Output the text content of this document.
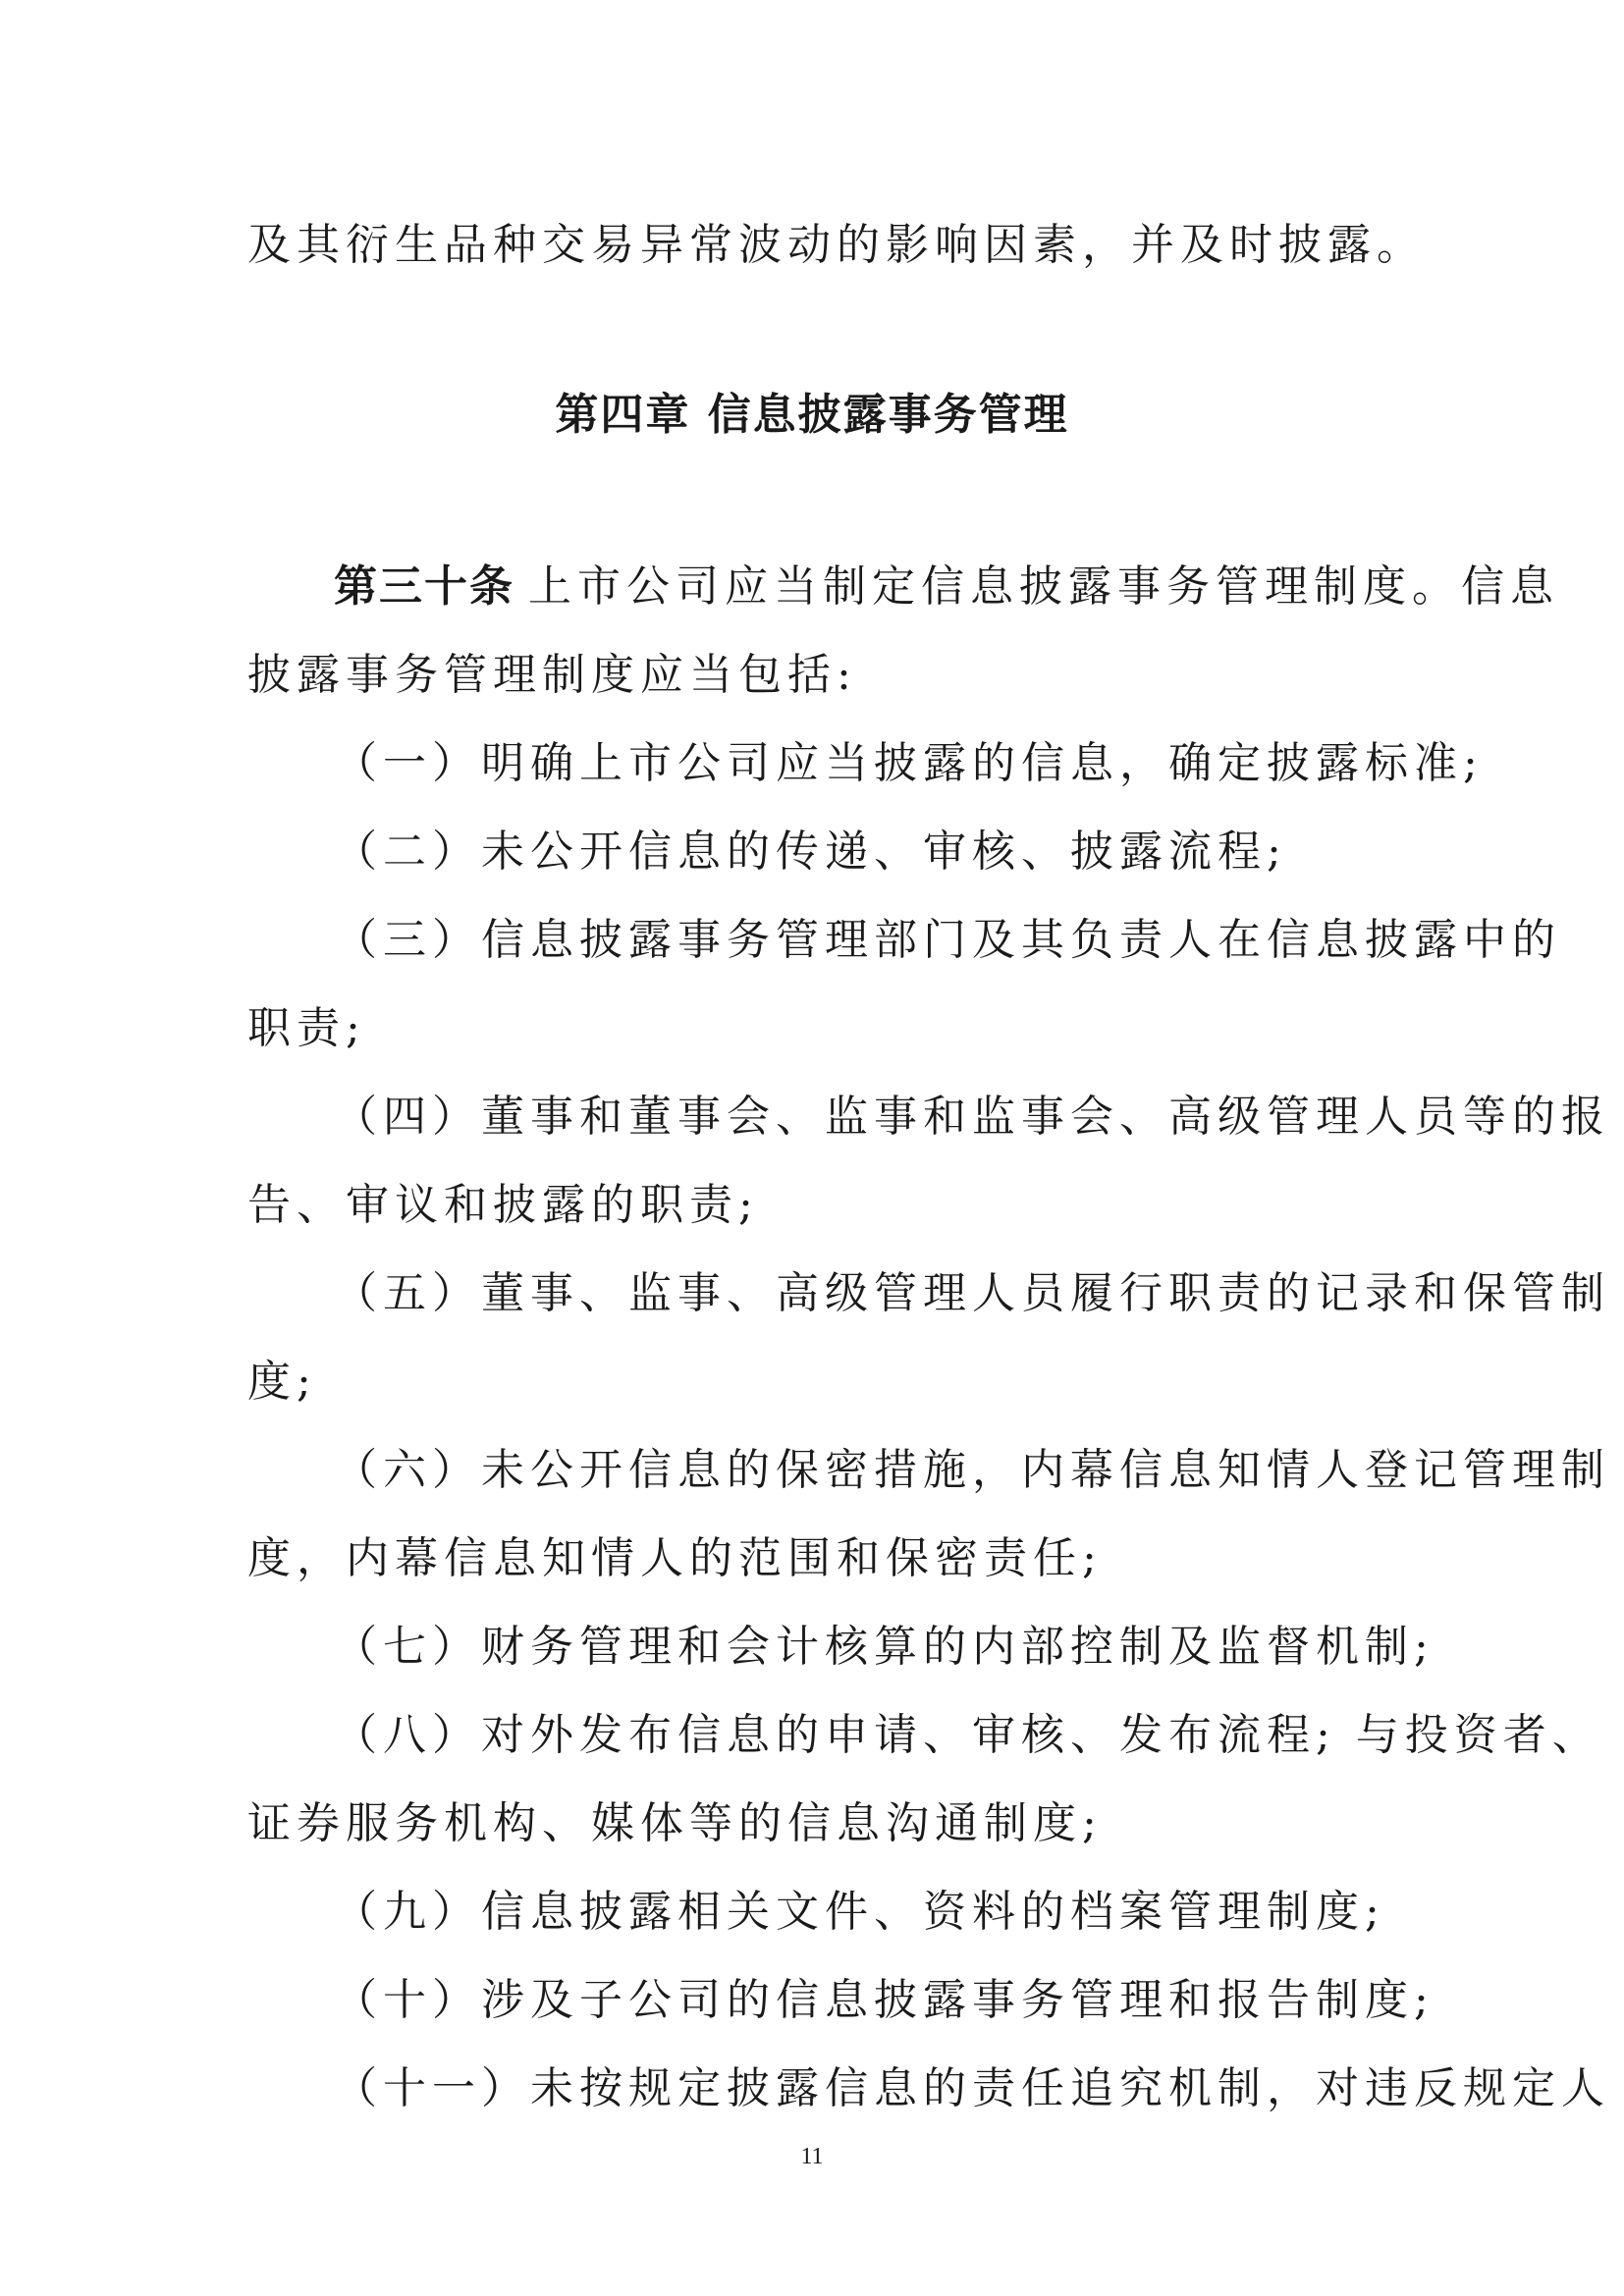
及其衍生品种交易异常波动的影响因素，并及时披露。
第四章 信息披露事务管理
第三十条 上市公司应当制定信息披露事务管理制度。信息
披露事务管理制度应当包括:
（一）明确上市公司应当披露的信息，确定披露标准;
（二）未公开信息的传递、审核、披露流程;
（三）信息披露事务管理部门及其负责人在信息披露中的
职责;
（四）董事和董事会、监事和监事会、高级管理人员等的报
告、审议和披露的职责;
（五）董事、监事、高级管理人员履行职责的记录和保管制
度;
（六）未公开信息的保密措施，内幕信息知情人登记管理制
度，内幕信息知情人的范围和保密责任;
（七）财务管理和会计核算的内部控制及监督机制;
（八）对外发布信息的申请、审核、发布流程; 与投资者、
证券服务机构、媒体等的信息沟通制度;
（九）信息披露相关文件、资料的档案管理制度;
（十）涉及子公司的信息披露事务管理和报告制度;
（十一）未按规定披露信息的责任追究机制，对违反规定人
11
